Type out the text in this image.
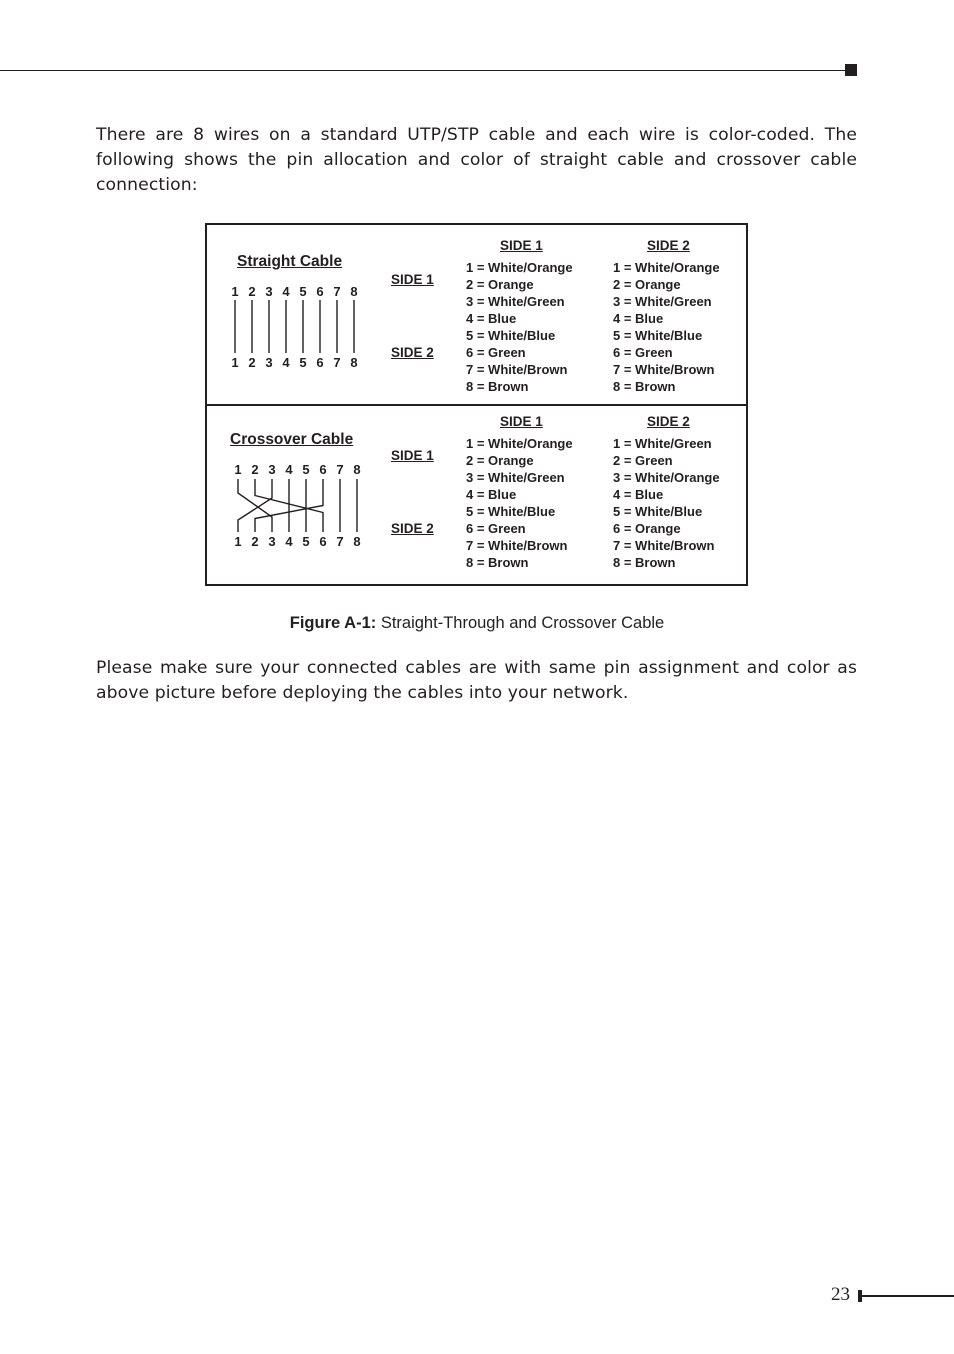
There are 8 wires on a standard UTP/STP cable and each wire is color-coded. The following shows the pin allocation and color of straight cable and crossover cable connection:

Straight Cable
1 2 3 4 5 6 7 8
1 2 3 4 5 6 7 8
SIDE 1
SIDE 2
SIDE 1	SIDE 2
1 = White/Orange
2 = Orange
3 = White/Green
4 = Blue
5 = White/Blue
6 = Green
7 = White/Brown
8 = Brown
1 = White/Orange
2 = Orange
3 = White/Green
4 = Blue
5 = White/Blue
6 = Green
7 = White/Brown
8 = Brown
Crossover Cable
1 2 3 4 5 6 7 8
1 2 3 4 5 6 7 8
SIDE 1
SIDE 2
SIDE 1	SIDE 2
1 = White/Orange
2 = Orange
3 = White/Green
4 = Blue
5 = White/Blue
6 = Green
7 = White/Brown
8 = Brown
1 = White/Green
2 = Green
3 = White/Orange
4 = Blue
5 = White/Blue
6 = Orange
7 = White/Brown
8 = Brown
Figure A-1: Straight-Through and Crossover Cable

Please make sure your connected cables are with same pin assignment and color as above picture before deploying the cables into your network.

23
